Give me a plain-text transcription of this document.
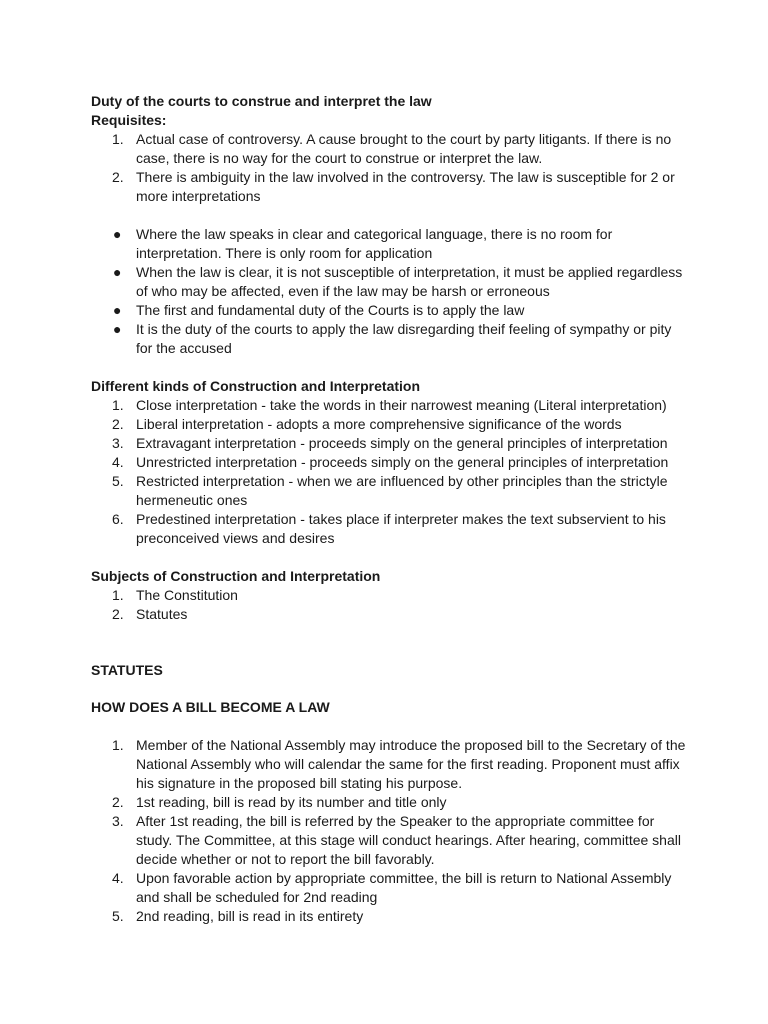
Duty of the courts to construe and interpret the law

Requisites:

1. Actual case of controversy. A cause brought to the court by party litigants. If there is no case, there is no way for the court to construe or interpret the law.
2. There is ambiguity in the law involved in the controversy. The law is susceptible for 2 or more interpretations
● Where the law speaks in clear and categorical language, there is no room for interpretation. There is only room for application
● When the law is clear, it is not susceptible of interpretation, it must be applied regardless of who may be affected, even if the law may be harsh or erroneous
● The first and fundamental duty of the Courts is to apply the law
● It is the duty of the courts to apply the law disregarding theif feeling of sympathy or pity for the accused

Different kinds of Construction and Interpretation

1. Close interpretation - take the words in their narrowest meaning (Literal interpretation)
2. Liberal interpretation - adopts a more comprehensive significance of the words
3. Extravagant interpretation - proceeds simply on the general principles of interpretation
4. Unrestricted interpretation - proceeds simply on the general principles of interpretation
5. Restricted interpretation - when we are influenced by other principles than the strictyle hermeneutic ones
6. Predestined interpretation - takes place if interpreter makes the text subservient to his preconceived views and desires

Subjects of Construction and Interpretation

1. The Constitution
2. Statutes

STATUTES

HOW DOES A BILL BECOME A LAW

1. Member of the National Assembly may introduce the proposed bill to the Secretary of the National Assembly who will calendar the same for the first reading. Proponent must affix his signature in the proposed bill stating his purpose.
2. 1st reading, bill is read by its number and title only
3. After 1st reading, the bill is referred by the Speaker to the appropriate committee for study. The Committee, at this stage will conduct hearings. After hearing, committee shall decide whether or not to report the bill favorably.
4. Upon favorable action by appropriate committee, the bill is return to National Assembly and shall be scheduled for 2nd reading
5. 2nd reading, bill is read in its entirety
